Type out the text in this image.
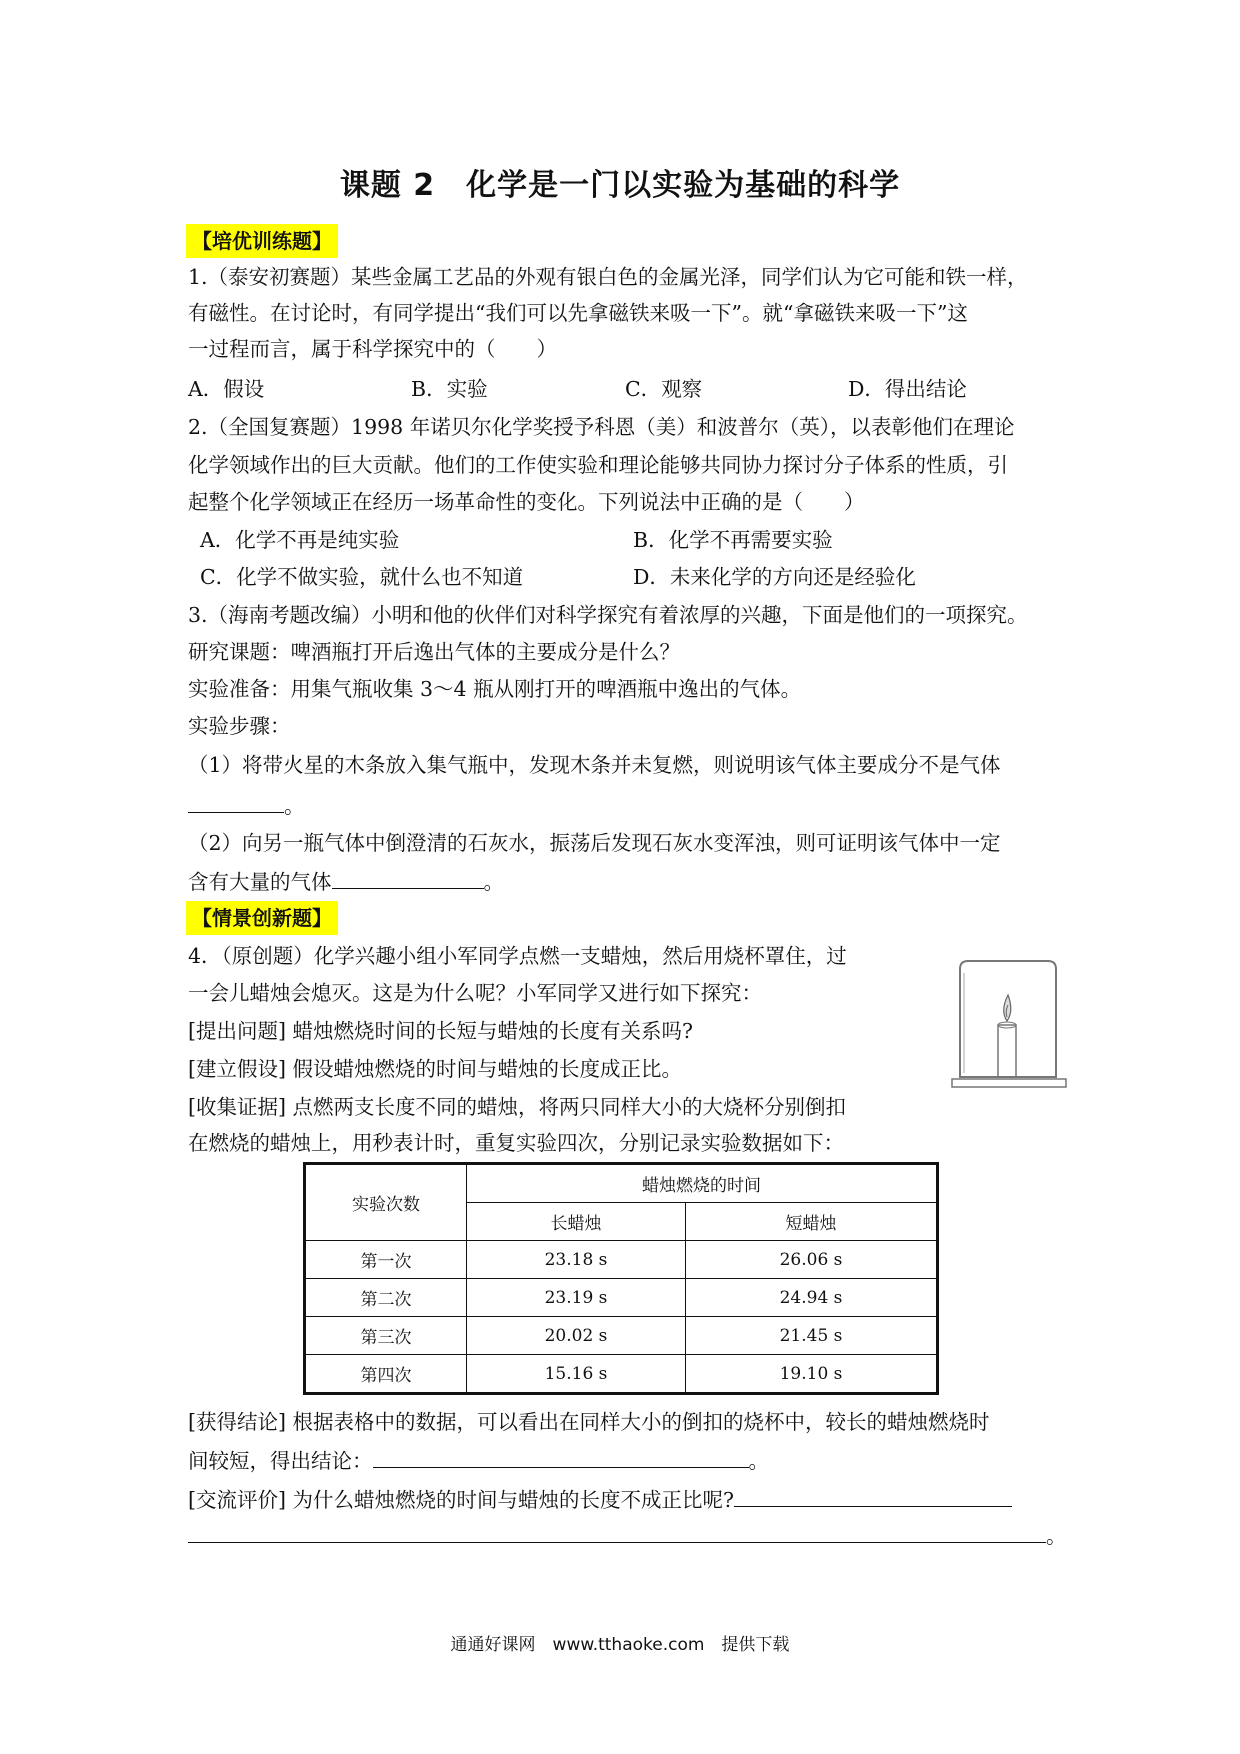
课题 2　化学是一门以实验为基础的科学
【培优训练题】
1.（泰安初赛题）某些金属工艺品的外观有银白色的金属光泽，同学们认为它可能和铁一样，
有磁性。在讨论时，有同学提出“我们可以先拿磁铁来吸一下”。就“拿磁铁来吸一下”这
一过程而言，属于科学探究中的（　　）
A．假设	B．实验	C．观察	D．得出结论
2.（全国复赛题）1998 年诺贝尔化学奖授予科恩（美）和波普尔（英），以表彰他们在理论
化学领域作出的巨大贡献。他们的工作使实验和理论能够共同协力探讨分子体系的性质，引
起整个化学领域正在经历一场革命性的变化。下列说法中正确的是（　　）
A．化学不再是纯实验	B．化学不再需要实验
C．化学不做实验，就什么也不知道	D．未来化学的方向还是经验化
3.（海南考题改编）小明和他的伙伴们对科学探究有着浓厚的兴趣，下面是他们的一项探究。
研究课题：啤酒瓶打开后逸出气体的主要成分是什么？
实验准备：用集气瓶收集 3～4 瓶从刚打开的啤酒瓶中逸出的气体。
实验步骤：
（1）将带火星的木条放入集气瓶中，发现木条并未复燃，则说明该气体主要成分不是气体
。
（2）向另一瓶气体中倒澄清的石灰水，振荡后发现石灰水变浑浊，则可证明该气体中一定
含有大量的气体	。
【情景创新题】
4．（原创题）化学兴趣小组小军同学点燃一支蜡烛，然后用烧杯罩住，过
一会儿蜡烛会熄灭。这是为什么呢？小军同学又进行如下探究：
[提出问题] 蜡烛燃烧时间的长短与蜡烛的长度有关系吗?
[建立假设] 假设蜡烛燃烧的时间与蜡烛的长度成正比。
[收集证据] 点燃两支长度不同的蜡烛，将两只同样大小的大烧杯分别倒扣
在燃烧的蜡烛上，用秒表计时，重复实验四次，分别记录实验数据如下：
实验次数	蜡烛燃烧的时间	
	长蜡烛	短蜡烛
第一次	23.18 s	26.06 s
第二次	23.19 s	24.94 s
第三次	20.02 s	21.45 s
第四次	15.16 s	19.10 s
[获得结论] 根据表格中的数据，可以看出在同样大小的倒扣的烧杯中，较长的蜡烛燃烧时
间较短，得出结论：	。
[交流评价] 为什么蜡烛燃烧的时间与蜡烛的长度不成正比呢?
。
通通好课网　www.tthaoke.com　提供下载
